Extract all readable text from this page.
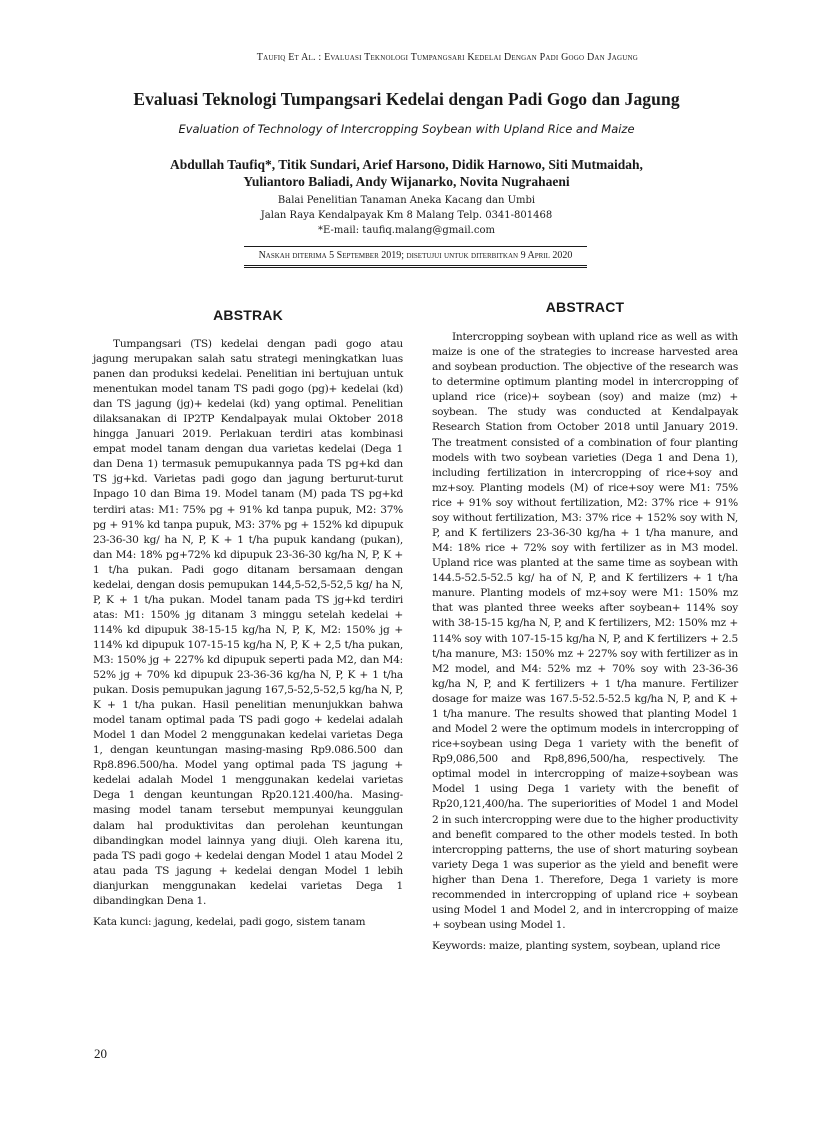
Taufiq Et Al. : Evaluasi Teknologi Tumpangsari Kedelai Dengan Padi Gogo Dan Jagung
Evaluasi Teknologi Tumpangsari Kedelai dengan Padi Gogo dan Jagung
Evaluation of Technology of Intercropping Soybean with Upland Rice and Maize
Abdullah Taufiq*, Titik Sundari, Arief Harsono, Didik Harnowo, Siti Mutmaidah,
Yuliantoro Baliadi, Andy Wijanarko, Novita Nugrahaeni
Balai Penelitian Tanaman Aneka Kacang dan Umbi
Jalan Raya Kendalpayak Km 8 Malang Telp. 0341-801468
*E-mail: taufiq.malang@gmail.com
Naskah diterima 5 September 2019; disetujui untuk diterbitkan 9 April 2020
ABSTRAK

Tumpangsari (TS) kedelai dengan padi gogo atau jagung merupakan salah satu strategi meningkatkan luas panen dan produksi kedelai. Penelitian ini bertujuan untuk menentukan model tanam TS padi gogo (pg)+ kedelai (kd) dan TS jagung (jg)+ kedelai (kd) yang optimal. Penelitian dilaksanakan di IP2TP Kendalpayak mulai Oktober 2018 hingga Januari 2019. Perlakuan terdiri atas kombinasi empat model tanam dengan dua varietas kedelai (Dega 1 dan Dena 1) termasuk pemupukannya pada TS pg+kd dan TS jg+kd. Varietas padi gogo dan jagung berturut-turut Inpago 10 dan Bima 19. Model tanam (M) pada TS pg+kd terdiri atas: M1: 75% pg + 91% kd tanpa pupuk, M2: 37% pg + 91% kd tanpa pupuk, M3: 37% pg + 152% kd dipupuk 23-36-30 kg/ ha N, P, K + 1 t/ha pupuk kandang (pukan), dan M4: 18% pg+72% kd dipupuk 23-36-30 kg/ha N, P, K + 1 t/ha pukan. Padi gogo ditanam bersamaan dengan kedelai, dengan dosis pemupukan 144,5-52,5-52,5 kg/ ha N, P, K + 1 t/ha pukan. Model tanam pada TS jg+kd terdiri atas: M1: 150% jg ditanam 3 minggu setelah kedelai + 114% kd dipupuk 38-15-15 kg/ha N, P, K, M2: 150% jg + 114% kd dipupuk 107-15-15 kg/ha N, P, K + 2,5 t/ha pukan, M3: 150% jg + 227% kd dipupuk seperti pada M2, dan M4: 52% jg + 70% kd dipupuk 23-36-36 kg/ha N, P, K + 1 t/ha pukan. Dosis pemupukan jagung 167,5-52,5-52,5 kg/ha N, P, K + 1 t/ha pukan. Hasil penelitian menunjukkan bahwa model tanam optimal pada TS padi gogo + kedelai adalah Model 1 dan Model 2 menggunakan kedelai varietas Dega 1, dengan keuntungan masing-masing Rp9.086.500 dan Rp8.896.500/ha. Model yang optimal pada TS jagung + kedelai adalah Model 1 menggunakan kedelai varietas Dega 1 dengan keuntungan Rp20.121.400/ha. Masing-masing model tanam tersebut mempunyai keunggulan dalam hal produktivitas dan perolehan keuntungan dibandingkan model lainnya yang diuji. Oleh karena itu, pada TS padi gogo + kedelai dengan Model 1 atau Model 2 atau pada TS jagung + kedelai dengan Model 1 lebih dianjurkan menggunakan kedelai varietas Dega 1 dibandingkan Dena 1.

Kata kunci: jagung, kedelai, padi gogo, sistem tanam

ABSTRACT

Intercropping soybean with upland rice as well as with maize is one of the strategies to increase harvested area and soybean production. The objective of the research was to determine optimum planting model in intercropping of upland rice (rice)+ soybean (soy) and maize (mz) + soybean. The study was conducted at Kendalpayak Research Station from October 2018 until January 2019. The treatment consisted of a combination of four planting models with two soybean varieties (Dega 1 and Dena 1), including fertilization in intercropping of rice+soy and mz+soy. Planting models (M) of rice+soy were M1: 75% rice + 91% soy without fertilization, M2: 37% rice + 91% soy without fertilization, M3: 37% rice + 152% soy with N, P, and K fertilizers 23-36-30 kg/ha + 1 t/ha manure, and M4: 18% rice + 72% soy with fertilizer as in M3 model. Upland rice was planted at the same time as soybean with 144.5-52.5-52.5 kg/ ha of N, P, and K fertilizers + 1 t/ha manure. Planting models of mz+soy were M1: 150% mz that was planted three weeks after soybean+ 114% soy with 38-15-15 kg/ha N, P, and K fertilizers, M2: 150% mz + 114% soy with 107-15-15 kg/ha N, P, and K fertilizers + 2.5 t/ha manure, M3: 150% mz + 227% soy with fertilizer as in M2 model, and M4: 52% mz + 70% soy with 23-36-36 kg/ha N, P, and K fertilizers + 1 t/ha manure. Fertilizer dosage for maize was 167.5-52.5-52.5 kg/ha N, P, and K + 1 t/ha manure. The results showed that planting Model 1 and Model 2 were the optimum models in intercropping of rice+soybean using Dega 1 variety with the benefit of Rp9,086,500 and Rp8,896,500/ha, respectively. The optimal model in intercropping of maize+soybean was Model 1 using Dega 1 variety with the benefit of Rp20,121,400/ha. The superiorities of Model 1 and Model 2 in such intercropping were due to the higher productivity and benefit compared to the other models tested. In both intercropping patterns, the use of short maturing soybean variety Dega 1 was superior as the yield and benefit were higher than Dena 1. Therefore, Dega 1 variety is more recommended in intercropping of upland rice + soybean using Model 1 and Model 2, and in intercropping of maize + soybean using Model 1.

Keywords: maize, planting system, soybean, upland rice

20
